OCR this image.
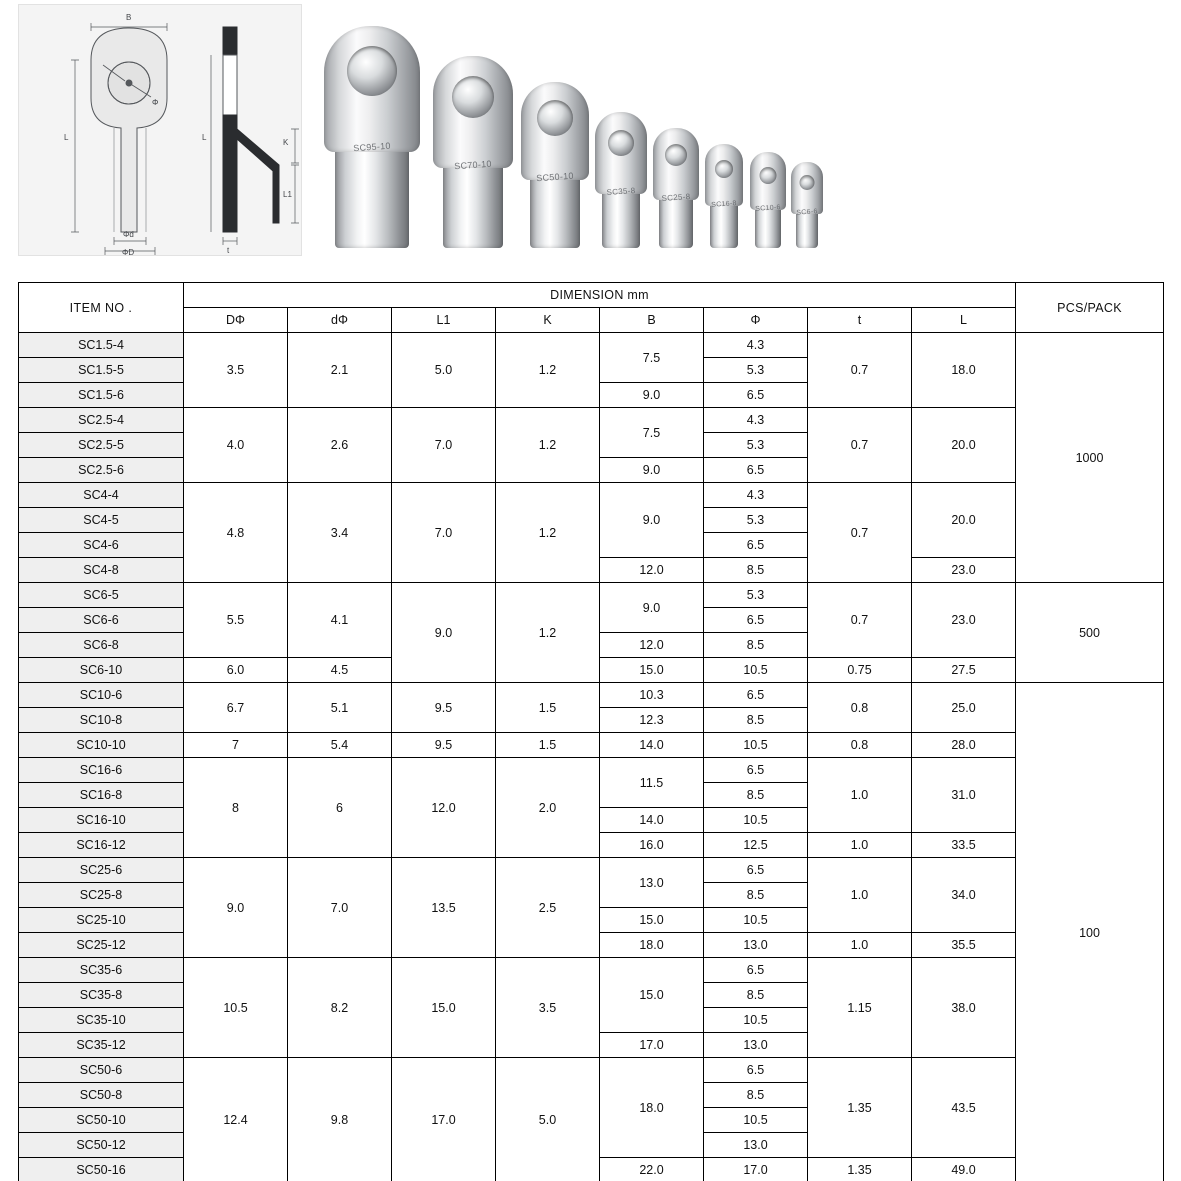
B
L
Φd
ΦD
Φ
K
L1
t
L
SC95-10
SC70-10
SC50-10
SC35-8
SC25-8
SC16-8	SC10-6 SC6-6
ITEM NO .	DIMENSION mm								PCS/PACK
	DΦ	dΦ	L1	K	B	Φ	t	L	
SC1.5-4	3.5	2.1	5.0	1.2	7.5	4.3	0.7	18.0	1000
SC1.5-5						5.3			
SC1.5-6					9.0	6.5			
SC2.5-4	4.0	2.6	7.0	1.2	7.5	4.3	0.7	20.0	
SC2.5-5						5.3			
SC2.5-6					9.0	6.5			
SC4-4	4.8	3.4	7.0	1.2	9.0	4.3	0.7	20.0	
SC4-5						5.3			
SC4-6						6.5			
SC4-8					12.0	8.5		23.0	
SC6-5	5.5	4.1	9.0	1.2	9.0	5.3	0.7	23.0	500
SC6-6						6.5			
SC6-8					12.0	8.5			
SC6-10	6.0	4.5			15.0	10.5	0.75	27.5	
SC10-6	6.7	5.1	9.5	1.5	10.3	6.5	0.8	25.0	100
SC10-8					12.3	8.5			
SC10-10	7	5.4	9.5	1.5	14.0	10.5	0.8	28.0	
SC16-6	8	6	12.0	2.0	11.5	6.5	1.0	31.0	
SC16-8						8.5			
SC16-10					14.0	10.5			
SC16-12					16.0	12.5	1.0	33.5	
SC25-6	9.0	7.0	13.5	2.5	13.0	6.5	1.0	34.0	
SC25-8						8.5			
SC25-10					15.0	10.5			
SC25-12					18.0	13.0	1.0	35.5	
SC35-6	10.5	8.2	15.0	3.5	15.0	6.5	1.15	38.0	
SC35-8						8.5			
SC35-10						10.5			
SC35-12					17.0	13.0			
SC50-6	12.4	9.8	17.0	5.0	18.0	6.5	1.35	43.5	
SC50-8						8.5			
SC50-10						10.5			
SC50-12						13.0			
SC50-16					22.0	17.0	1.35	49.0	
